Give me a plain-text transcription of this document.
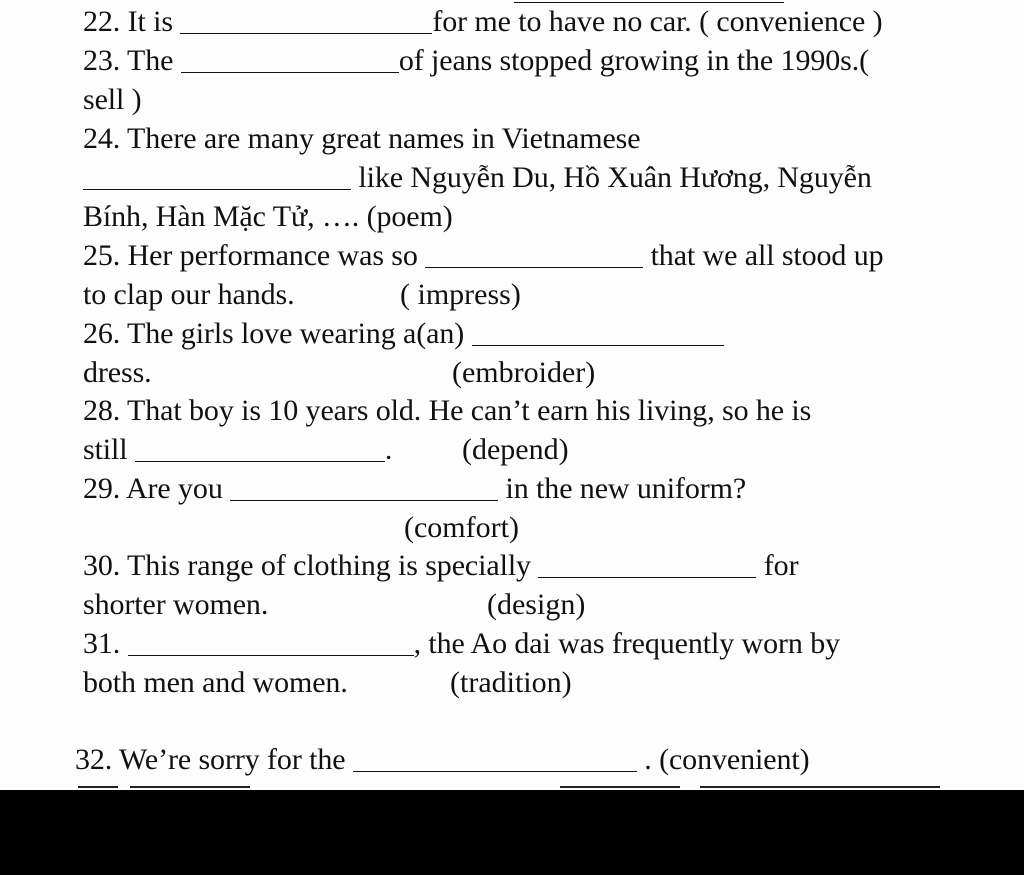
22. It is	for me to have no car. ( convenience )
23. The	of jeans stopped growing in the 1990s.(
sell )
24. There are many great names in Vietnamese
like Nguyễn Du, Hồ Xuân Hương, Nguyễn
Bính, Hàn Mặc Tử, …. (poem)
25. Her performance was so	that we all stood up
to clap our hands.	( impress)
26. The girls love wearing a(an)
dress.	(embroider)
28. That boy is 10 years old. He can’t earn his living, so he is
still	. (depend)
29. Are you	in the new uniform?
(comfort)
30. This range of clothing is specially	for
shorter women.	(design)
31.	, the Ao dai was frequently worn by
both men and women.	(tradition)
32. We’re sorry for the	. (convenient)
